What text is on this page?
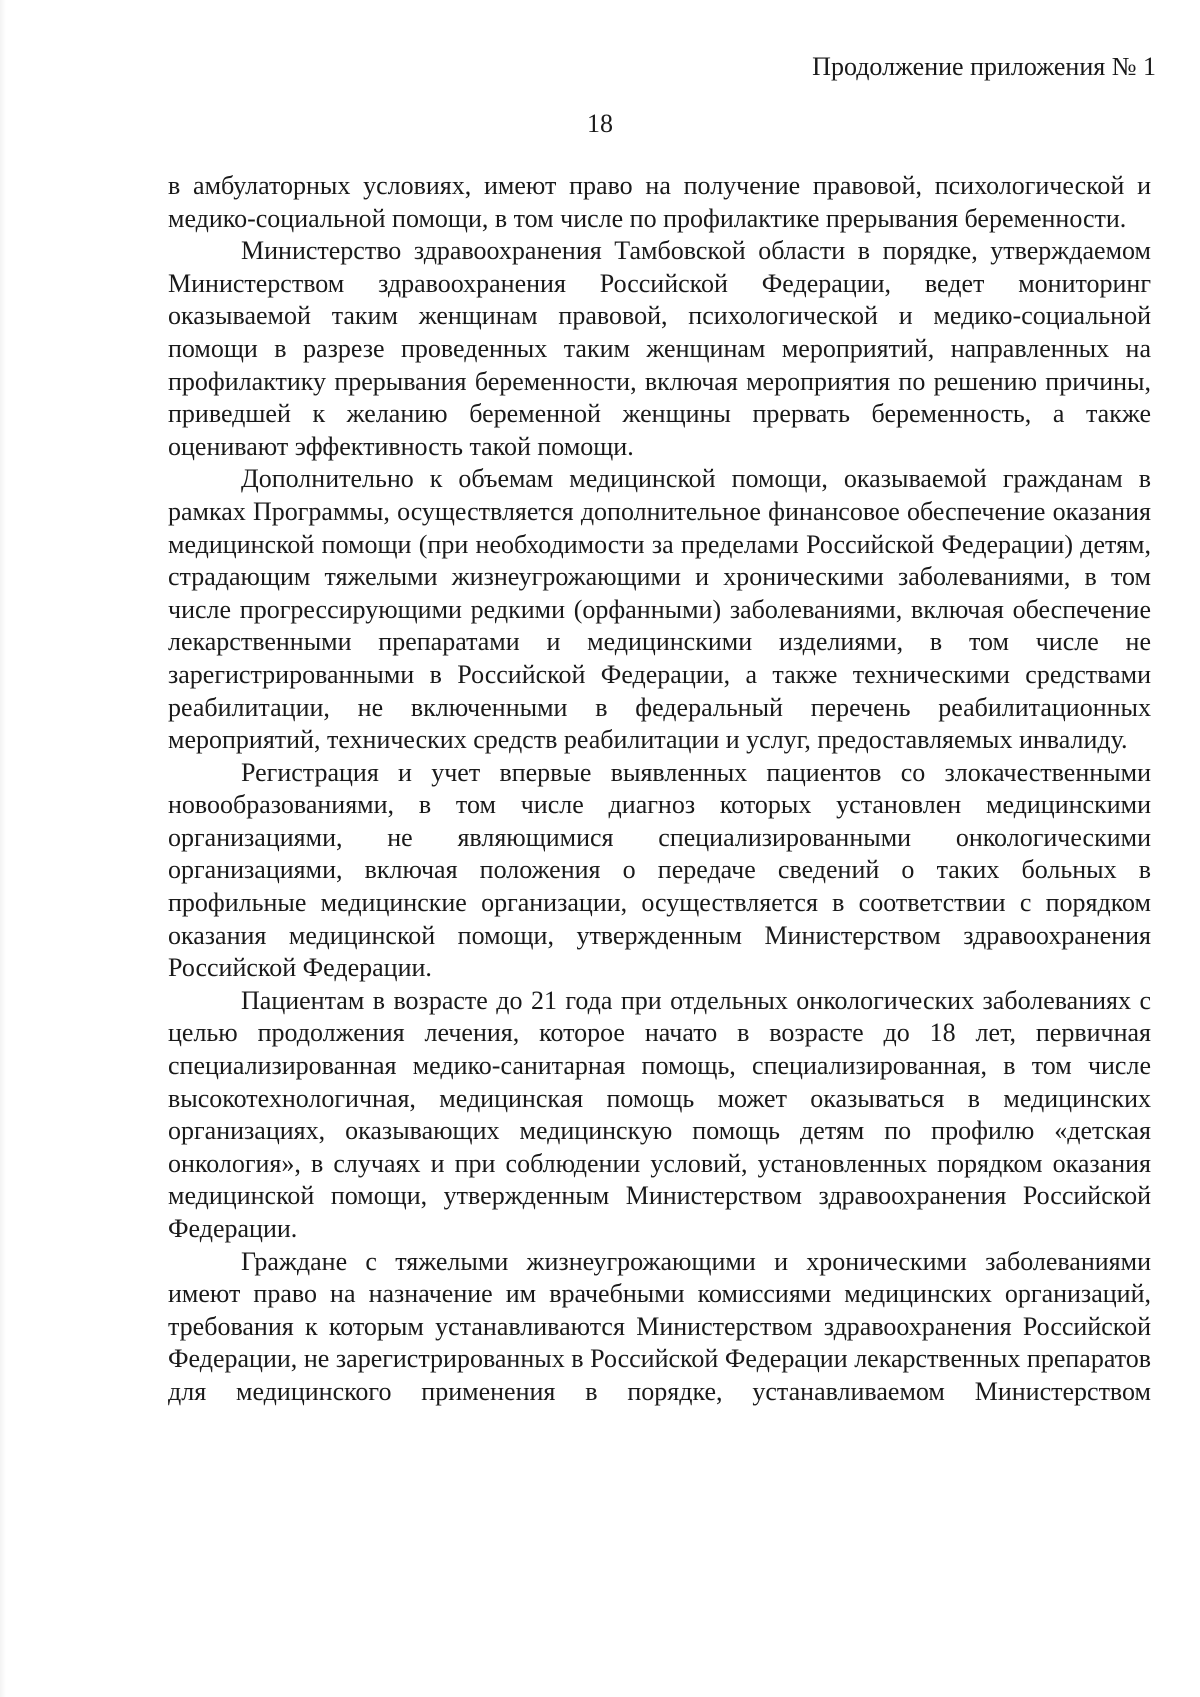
Продолжение приложения № 1
18

в амбулаторных условиях, имеют право на получение правовой, психологической и медико-социальной помощи, в том числе по профилактике прерывания беременности.

Министерство здравоохранения Тамбовской области в порядке, утверждаемом Министерством здравоохранения Российской Федерации, ведет мониторинг оказываемой таким женщинам правовой, психологической и медико-социальной помощи в разрезе проведенных таким женщинам мероприятий, направленных на профилактику прерывания беременности, включая мероприятия по решению причины, приведшей к желанию беременной женщины прервать беременность, а также оценивают эффективность такой помощи.

Дополнительно к объемам медицинской помощи, оказываемой гражданам в рамках Программы, осуществляется дополнительное финансовое обеспечение оказания медицинской помощи (при необходимости за пределами Российской Федерации) детям, страдающим тяжелыми жизнеугрожающими и хроническими заболеваниями, в том числе прогрессирующими редкими (орфанными) заболеваниями, включая обеспечение лекарственными препаратами и медицинскими изделиями, в том числе не зарегистрированными в Российской Федерации, а также техническими средствами реабилитации, не включенными в федеральный перечень реабилитационных мероприятий, технических средств реабилитации и услуг, предоставляемых инвалиду.

Регистрация и учет впервые выявленных пациентов со злокачественными новообразованиями, в том числе диагноз которых установлен медицинскими организациями, не являющимися специализированными онкологическими организациями, включая положения о передаче сведений о таких больных в профильные медицинские организации, осуществляется в соответствии с порядком оказания медицинской помощи, утвержденным Министерством здравоохранения Российской Федерации.

Пациентам в возрасте до 21 года при отдельных онкологических заболеваниях с целью продолжения лечения, которое начато в возрасте до 18 лет, первичная специализированная медико-санитарная помощь, специализированная, в том числе высокотехнологичная, медицинская помощь может оказываться в медицинских организациях, оказывающих медицинскую помощь детям по профилю «детская онкология», в случаях и при соблюдении условий, установленных порядком оказания медицинской помощи, утвержденным Министерством здравоохранения Российской Федерации.

Граждане с тяжелыми жизнеугрожающими и хроническими заболеваниями имеют право на назначение им врачебными комиссиями медицинских организаций, требования к которым устанавливаются Министерством здравоохранения Российской Федерации, не зарегистрированных в Российской Федерации лекарственных препаратов для медицинского применения в порядке, устанавливаемом Министерством
